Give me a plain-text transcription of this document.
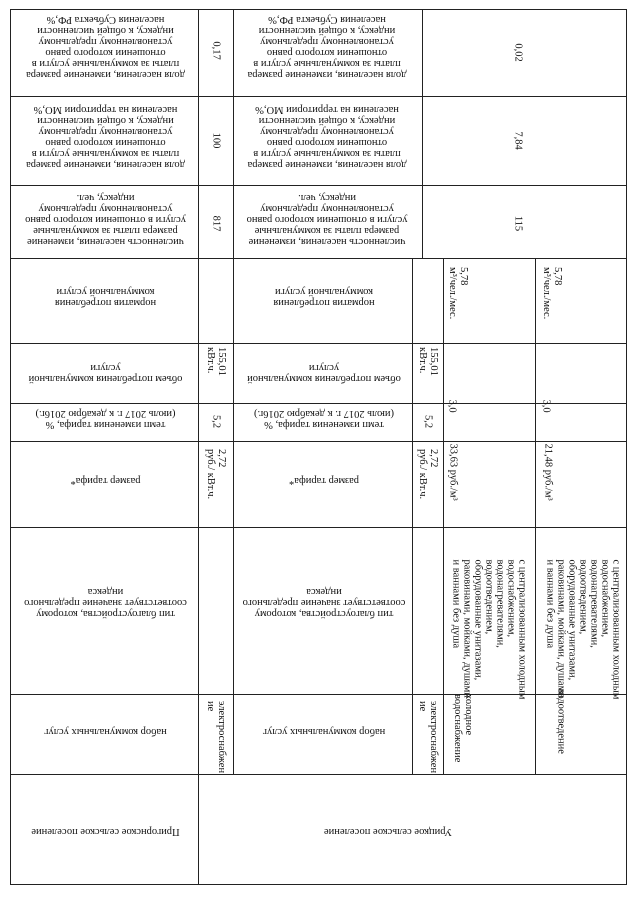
доля населения, изменение размера
платы за коммунальные услуги в
отношении которого равно
установленному предельному
индексу, к общей численности
населения Субъекта РФ,%
доля населения, изменение размера
платы за коммунальные услуги в
отношении которого равно
установленному предельному
индексу, к общей численности
населения на территории МО,%
численность населения, изменение
размера платы за коммунальные
услуги в отношении которого равно
установленному предельному
индексу, чел.
норматив потребления
коммунальной услуги
объем потребления коммунальной
услуги
темп изменения тарифа, %
(июль 2017 г. к декабрю 2016г.)
размер тарифа*
тип благоустройства, которому
соответствует значение предельного
индекса
набор коммунальных услуг
Пригорнское сельское поселение
0,17
100
817
155,01
кВт.ч.
5,2
2,72
руб./ кВт.ч.
электроснабжен
ие
доля населения, изменение размера
платы за коммунальные услуги в
отношении которого равно
установленному предельному
индексу, к общей численности
населения Субъекта РФ,%
доля населения, изменение размера
платы за коммунальные услуги в
отношении которого равно
установленному предельному
индексу, к общей численности
населения на территории МО,%
численность населения, изменение
размера платы за коммунальные
услуги в отношении которого равно
установленному предельному
индексу, чел.
норматив потребления
коммунальной услуги
объем потребления коммунальной
услуги
темп изменения тарифа, %
(июль 2017 г. к декабрю 2016г.)
размер тарифа*
тип благоустройства, которому
соответствует значение предельного
индекса
набор коммунальных услуг
Урицкое сельское поселение
0,02
7,84
115
155,01
кВт.ч.
5,2
2,72
руб./ кВт.ч.
электроснабжен
ие
5,78
м³/чел./мес.
3,0
33,63 руб./м³
с централизованным холодным
водоснабжением,
водонагревателями,
водоотведением,
оборудованные унитазами,
раковинами, мойками, душами
и ваннами без душа
холодное
водоснабжение
5,78
м³/чел./мес.
3,0
21,48 руб./м³
с централизованным холодным
водоснабжением,
водонагревателями,
водоотведением,
оборудованные унитазами,
раковинами, мойками, душами
и ваннами без душа
водоотведение
